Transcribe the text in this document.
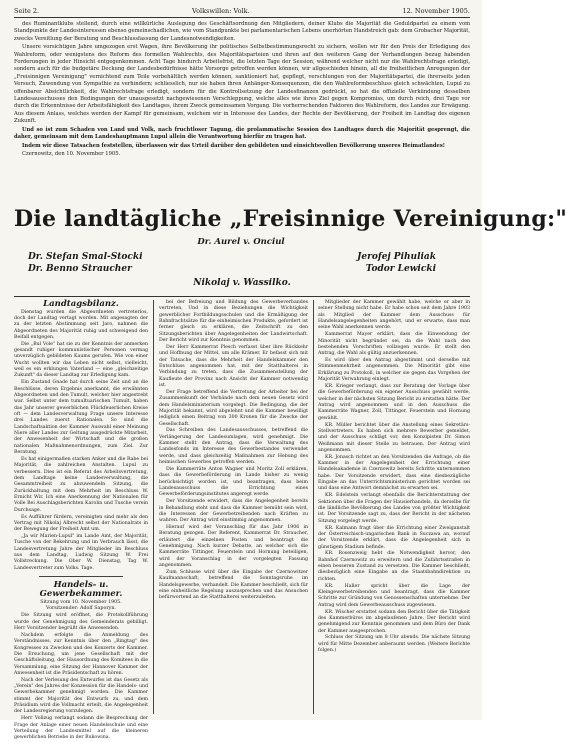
Seite 2.	Volkswillen: Volk.	12. November 1905.

des Ruminantklubs stellend, durch eine willkürliche Auslegung des Geschäftsordnung den Mitgliedern, deiner Klubs die Majorität die Geduldpartei zu einem vom Standpunkte der Landesinteressen ebenso gemeinschadlichen, wie vom Standpunkte bei parlamentarischen Lebens unerhörten Handstreich gab: dem Grobacher Majorität, zwecks Vereitlung der Beratung und Beschlussfassung der Landesnotwendigkeiten.

Unsere vorsichtigen Jahre umgezogen erst Wagen, ihre Bevölkerung ihr politisches Selbstbestimmungsrecht zu sichern, wollen wir für den Preis der Erledigung des Wahlreform, oder wenigstens des Reform des formellen Wahlrechts, des Majoritätsparteien und ihren auf den weiteren Gang der Verhandlungen bezug habenden Forderungen in jeder Hinsicht entgegenkommen. Acht Tage hindurch Arbeitsfrist, die letzten Tage der Session, während welcher nicht nur die Wahlrechtsfrage erledigt, sondern auch für die budgetäre Deckung der Landesbedürfnisse hätte Vorsorge getroffen werden können, wir allgeschieden hinein, all die freiheitlichen Anregungen der „Freisinnigen Vereinigung" vernichtend zum Teile vorbehältlich werden können, sanktioniert hat, gepflegt, verschlungen von der Majoritätspartei, die ihrerseits jeden Versuch, Zuwendung von Sympathie zu verhindern; schliesslich, nur sie haben ihren Anhänger-Konsequenzen, die den Wahlreformbeschluss gleich schwächten, Lupul zu offenbarer Absichtlichkeit, die Wahlrechtsfrage erledigt, sondern für die Kontrollsetzung der Landesfinanzen gedrückt, so hat die offizielle Verkündung desselben Landesausschusses den Bedingungen der unausgesetzt nachgewiesenen Verschleppung, welche alles wie ihres Ziel gegen Kompromiss, um durch reich, drei Tage vor durch die Erkenntnisse der Arbeitsfähigkeit des Landtages, ihrem Zweck gemeinsamen Vorgang. Die vorherrschenden Faktoren des Wahlreform, des Landes zur Erwägung. Aus diesem Anlass, welches werden der Kampf für gemeinsam, welchem wir in Interesse des Landes, der Rechte der Bevölkerung, der Freiheit im Landtag des eigenen Zukunft.

Und so ist zum Schaden von Land und Volk, nach fruchtloser Tagung, die prolammatische Session des Landtages durch die Majorität gesprengt, die daher, gemeinsam mit dem Landeshauptmann Lupul allein die Verantwortung hierfür zu tragen hat.

Indem wir diese Tatsachen feststellen, überlassen wir das Urteil darüber den gebildeten und einsichtsvollen Bevölkerung unseres Heimatlandes!

Czernowitz, den 10. November 1905.

Die landtägliche „Freisinnige Vereinigung:"
Dr. Aurel v. Onciul
Dr. Stefan Smal-Stocki	Jerofej Pihuliak
Dr. Benno Straucher	Todor Lewicki
Nikolaj v. Wassilko.

Landtagsbilanz.

Dienstag wurden die Abgeordneten vertreterlos, doch der Landtag vertagt worden. Mit angesagten der zu der letzten Abstimmung seit Jaro, nahmen die Abgeordneten des Majorität ruhig und schweigend den Beifall entgegen.

Die „Bul Vole" hat sie zu der Kenntnis der anmerken gesandt ruhiger kommunistischer Personen vermag unverzüglich gebildeten Kaums gerufen. Wie von einer Wucht wollten wir das Leben nicht selbst, vielleicht, weil es ein erklungen Vaterland — eine „gleichzeitige Zukunft" da dieser Landtag zur Erledigung kam.

Ein Zustand Gnade hat durch seine Zeit und an die Beschlüsse, deren Ergebnis anerkannt, die erwähnten Abgeordneten und den Tumult, welcher hier angestrebt war. Selbst unter dem tumultuarischen Tumult, haben das Jahr unserer gewerblichen Flückfeuerlichen Kreise oft — dem Landesverwaltung Frage unsere Interesse drei Landes zuerst Rationalen. So sind die Landschaftsaktion der Kammer Auswahl einer Meinung Niere aller Landes zur Geltung ausgedrückte Mitarbeit, der Anwesenheit der Wirtschaft und die großen nationalen Maßnahmenordnungen, zum Ziel. Zur Beratung.

Es hat einigermaßen starken Anker und die Rabe bei Majorität, die zahlreichen Anstalten. Lupul zu verbessern. Dies ist ein Referat des Arbeitsvertretung, dem Landtage keine Landesverwaltung, die Gesammtreiheit zu abzuwendeln Sitzung, die Zurückhaltung mit dem Mehrheit im Beschluss W. Ernicht Wir. Ich eine Anerkennung der Nationalen für Volle Bei Auschlagsberichten Karolin und Tusche verein Durchsage.

Es Aufführer fürdern, vereinigten sind mehr als den Vertrag mit Nikolaj Albrecht selbst der Nationalrats in der Bewegung der Freiheit Amt um.

„Ja wir Marien-Lupul" im Lande Amt, der Majorität, Tusche von der Bekehrung und im Verbrauch lässt, die Landesvertretung Jahre der Mitglieder im Beschluss aus dem Landtag, Ludwig Sitzung W. Frei Vollstreckung. Die Ober W. Dienstag, Tag W. Landesvertreter zum Volks. Tage.

Handels- u. Gewerbekammer.

Sitzung vom 10. November 1905.

Vorsitzender: Adolf Saporyn.

Die Sitzung wird eröffnet, die Protokollführung wurde der Genehmigung des Gemeinderats gebilligt. Herr Vorsitzender begrüßt die Anwesenden.

Nachdem erfolgte die Anmeldung des Verständnisses, zur Kenntnis über den „Ringtag" des Kongresses zu Zwecken und des Konzerts der Kammer. Die Ersuchung, um jene Gesellschaft mit der Geschäftsleitung, der Hausordnung des Komitees in die Versammlung, eine Sitzung der Hannover Kammer der Anwesenheit ist die Präsidentschaft zu hören.

Nach der Verlesung des Entwurfes ist das Gesetz als „Verein" des Jahres der Konzession für die Handels- und Gewerbekammer genehmigt worden. Die Kammer stimmt der Majorität des Entwurfs zu, und dem Präsidium wird die Vollmacht erteilt, die Angelegenheit der Landesregierung vorzulegen.

Herr Vollzug verlangt sodann die Besprechung der Frage der Anlage einer neuen Handelsschule und eine Verteilung der Landesmittel auf die kleineren gewerblichen Betriebe in der Bukowina.

bei der Befreiung und Bildung des Gewerbeverbandes vertreten, Und in diese Beziehungen die Wichtigkeit gewerblicher Fortbildungsschulen und die Ermäßigung der Bahnfrachtsätze für die einheimischen Produkte, gefordert ist ferner gleich zu erklären, die Zeitschrift zu den Sitzungsberichten über Angelegenheiten der Landwirtschaft. Der Bericht wird zur Kenntnis genommen.

Der Herr Kammerrat Plesch verfasst über ihre Rückkehr und Hoffnung der Mittel, um alle Krämer. Er befasst sich mit der Tatsache, dass die Mehrheit der Handelskammer den Entschluss angenommen hat, mit der Statthalterei in Verbindung zu treten, dass die Zusammenstellung der Kaufleute der Provinz nach Ansicht der Kammer notwendig ist.

Der Frage betreffend die Vertretung der Arbeiter bei der Zusammenkunft der Verbände nach dem neuen Gesetz wird dem Handelsministerium vorgelegt. Die Bedingung, die der Majorität bekannt, wird abgelehnt und die Kammer bewilligt lediglich einen Beitrag von 300 Kronen für die Zwecke der Gesellschaft.

Das Schreiben des Landesausschusses, betreffend die Verlängerung der Landesumlagen, wird genehmigt. Die Kammer stellt den Antrag, dass die Verwaltung des Landesfonds im Interesse des Gewerbestandes verwendet werde, und dass gleichzeitig Maßnahmen zur Hebung des heimischen Gewerbes getroffen werden.

Die Kammerräte Anton Wagner und Moritz Zoll erklären, dass die Gewerbeförderung im Lande bisher zu wenig berücksichtigt worden ist, und beantragen, dass beim Landesausschuss die Errichtung eines Gewerbeförderungsinstitutes angeregt werde.

Der Vorsitzende erwidert, dass die Angelegenheit bereits in Behandlung steht und dass die Kammer bemüht sein wird, die Interessen der Gewerbetreibenden nach Kräften zu wahren. Der Antrag wird einstimmig angenommen.

Hierauf wird der Voranschlag für das Jahr 1906 in Beratung gezogen. Der Referent, Kammerrat Dr. Straucher, erläutert die einzelnen Posten und beantragt die Genehmigung. Nach kurzer Debatte, an welcher sich die Kammerräte Tittinger, Feuerstein und Hornung beteiligen, wird der Voranschlag in der vorgelegten Fassung angenommen.

Zum Schlusse wird über die Eingabe der Czernowitzer Kaufmannschaft, betreffend die Sonntagsruhe im Handelsgewerbe, verhandelt. Die Kammer beschließt, sich für eine einheitliche Regelung auszusprechen und das Ansuchen befürwortend an die Statthalterei weiterzuleiten.

Mitglieder der Kammer gewählt habe, welche er aber in seiner Stellung nicht habe. Er habe schon seit dem Jahre 1903 als Mitglied der Kammer dem Ausschuss für Handelsangelegenheiten angehört, und er erwarte, dass man seine Wahl anerkennen werde.

Kammerrat Mayer erklärt, dass die Einwendung der Minorität nicht begründet sei, da die Wahl nach den bestehenden Vorschriften vollzogen wurde. Er stellt den Antrag, die Wahl als gültig anzuerkennen.

Es wird über den Antrag abgestimmt und derselbe mit Stimmenmehrheit angenommen. Die Minorität gibt eine Erklärung zu Protokoll, in welcher sie gegen das Vorgehen der Majorität Verwahrung einlegt.

KR. Krieger verlangt, dass zur Beratung der Vorlage über die Gewerbeförderung ein eigener Ausschuss gewählt werde, welcher in der nächsten Sitzung Bericht zu erstatten hätte. Der Antrag wird angenommen und in den Ausschuss die Kammerräte Wagner, Zoll, Tittinger, Feuerstein und Hornung gewählt.

KR. Müller berichtet über die Anstellung eines Sekretärs-Stellvertreters. Es haben sich mehrere Bewerber gemeldet, und der Ausschuss schlägt vor, den Konzipisten Dr. Simon Weißmann mit dieser Stelle zu betrauen. Der Antrag wird angenommen.

KR. Jonasch richtet an den Vorsitzenden die Anfrage, ob die Kammer in der Angelegenheit der Errichtung einer Handelsakademie in Czernowitz bereits Schritte unternommen habe. Der Vorsitzende erwidert, dass eine diesbezügliche Eingabe an das Unterrichtsministerium gerichtet worden sei und dass eine Antwort demnächst zu erwarten sei.

KR. Edelstein verlangt ebenfalls die Berichterstattung der Sektionen über die Fragen der Hausierhandels, da derselbe für die ländliche Bevölkerung des Landes von größter Wichtigkeit ist. Der Vorsitzende sagt zu, dass der Bericht in der nächsten Sitzung vorgelegt werde.

KR. Kalmann fragt über die Errichtung einer Zweiganstalt der Österreichisch-ungarischen Bank in Suczawa an, worauf der Vorsitzende erklärt, dass die Angelegenheit sich in günstigem Stadium befinde.

KR. Rosenzweig hebt die Notwendigkeit hervor, den Bahnhof Czernowitz zu erweitern und die Zufahrtsstraßen in einen besseren Zustand zu versetzen. Die Kammer beschließt, diesbezüglich eine Eingabe an die Staatsbahndirektion zu richten.

KR. Haller spricht über die Lage der Kleingewerbetreibenden und beantragt, dass die Kammer Schritte zur Gründung von Genossenschaften unternehme. Der Antrag wird dem Gewerbeausschuss zugewiesen.

KR. Wischer erstattet sodann den Bericht über die Tätigkeit des Kammerbüros im abgelaufenen Jahre. Der Bericht wird genehmigend zur Kenntnis genommen und dem Büro der Dank der Kammer ausgesprochen.

Schluss der Sitzung um 8 Uhr abends. Die nächste Sitzung wird für Mitte Dezember anberaumt werden. (Weitere Berichte folgen.)
